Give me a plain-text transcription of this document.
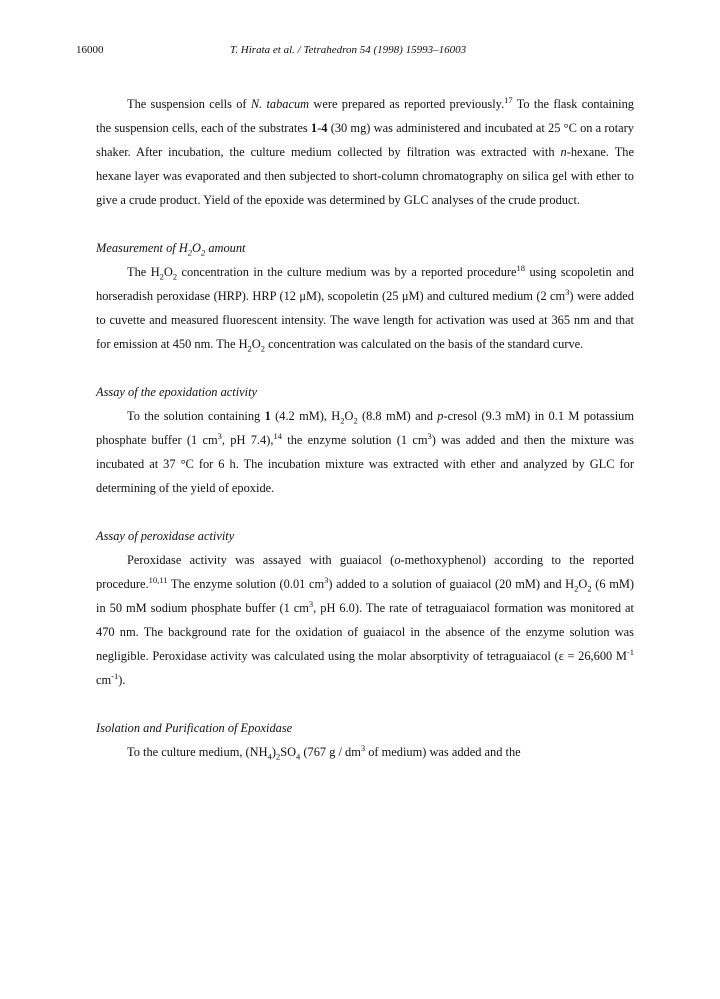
16000	T. Hirata et al. / Tetrahedron 54 (1998) 15993–16003

The suspension cells of N. tabacum were prepared as reported previously.$^{17}$ To the flask containing the suspension cells, each of the substrates 1-4 (30 mg) was administered and incubated at 25 °C on a rotary shaker. After incubation, the culture medium collected by filtration was extracted with n-hexane. The hexane layer was evaporated and then subjected to short-column chromatography on silica gel with ether to give a crude product. Yield of the epoxide was determined by GLC analyses of the crude product.

Measurement of $H_2O_2$ amount

The $H_2O_2$ concentration in the culture medium was by a reported procedure$^{18}$ using scopoletin and horseradish peroxidase (HRP). HRP (12 μM), scopoletin (25 μM) and cultured medium (2 $cm^3$) were added to cuvette and measured fluorescent intensity. The wave length for activation was used at 365 nm and that for emission at 450 nm. The $H_2O_2$ concentration was calculated on the basis of the standard curve.

Assay of the epoxidation activity

To the solution containing 1 (4.2 mM), $H_2O_2$ (8.8 mM) and p-cresol (9.3 mM) in 0.1 M potassium phosphate buffer (1 $cm^3$, pH 7.4),$^{14}$ the enzyme solution (1 $cm^3$) was added and then the mixture was incubated at 37 °C for 6 h. The incubation mixture was extracted with ether and analyzed by GLC for determining of the yield of epoxide.

Assay of peroxidase activity

Peroxidase activity was assayed with guaiacol (o-methoxyphenol) according to the reported procedure.$^{10,11}$ The enzyme solution (0.01 $cm^3$) added to a solution of guaiacol (20 mM) and $H_2O_2$ (6 mM) in 50 mM sodium phosphate buffer (1 $cm^3$, pH 6.0). The rate of tetraguaiacol formation was monitored at 470 nm. The background rate for the oxidation of guaiacol in the absence of the enzyme solution was negligible. Peroxidase activity was calculated using the molar absorptivity of tetraguaiacol (ε = 26,600 $M^{-1}$ $cm^{-1}$).

Isolation and Purification of Epoxidase

To the culture medium, $(NH_4)_2SO_4$ (767 g / $dm^3$ of medium) was added and the
